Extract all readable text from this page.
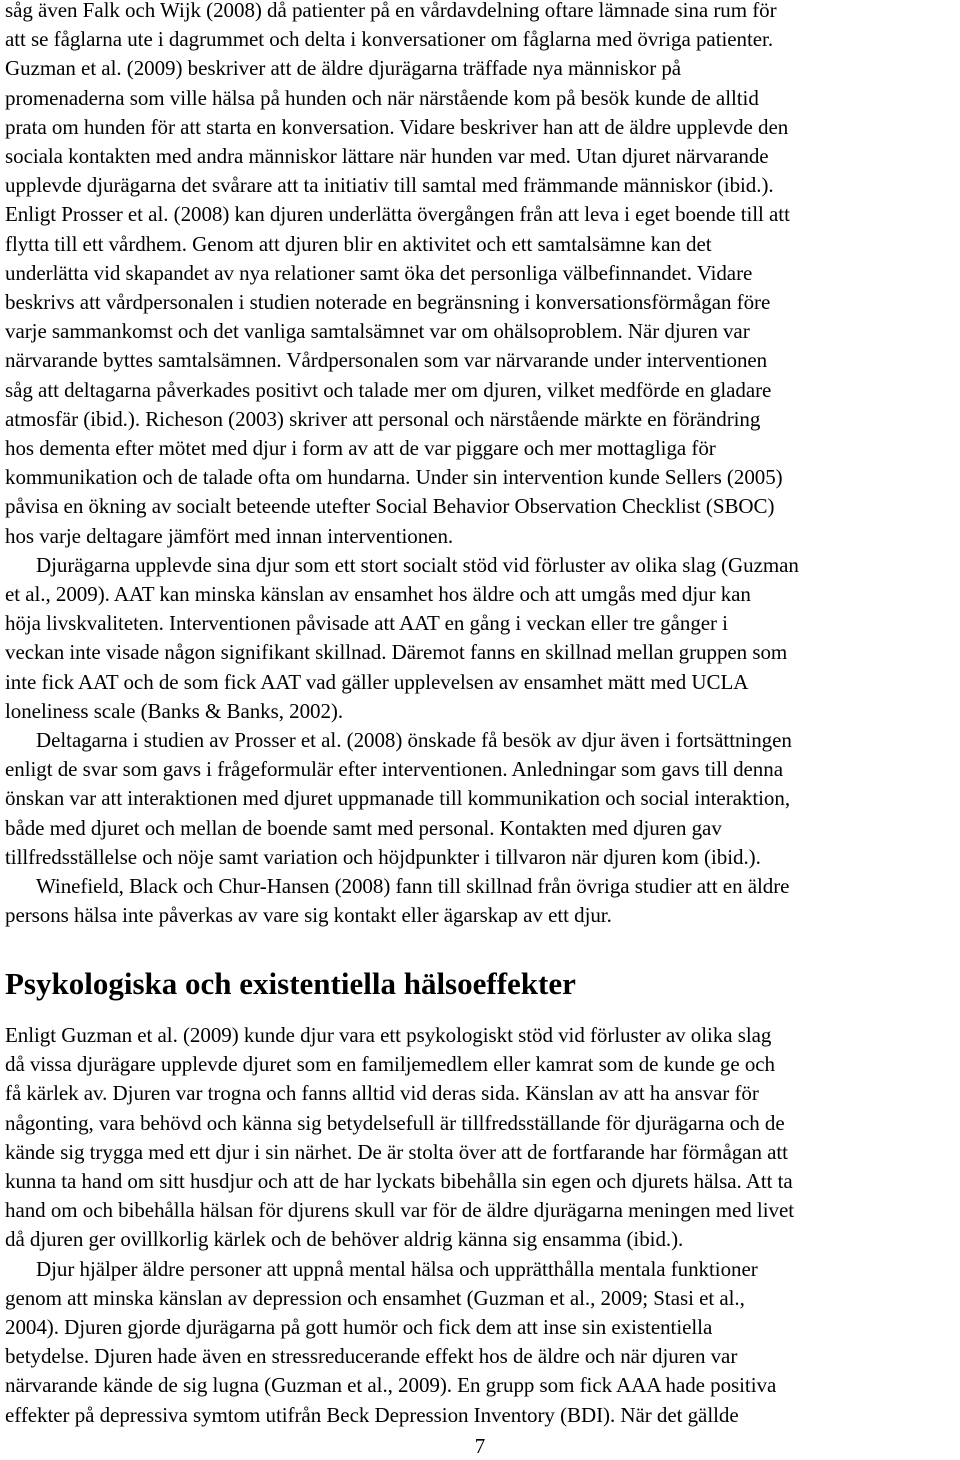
såg även Falk och Wijk (2008) då patienter på en vårdavdelning oftare lämnade sina rum för
att se fåglarna ute i dagrummet och delta i konversationer om fåglarna med övriga patienter.
Guzman et al. (2009) beskriver att de äldre djurägarna träffade nya människor på
promenaderna som ville hälsa på hunden och när närstående kom på besök kunde de alltid
prata om hunden för att starta en konversation. Vidare beskriver han att de äldre upplevde den
sociala kontakten med andra människor lättare när hunden var med. Utan djuret närvarande
upplevde djurägarna det svårare att ta initiativ till samtal med främmande människor (ibid.).
Enligt Prosser et al. (2008) kan djuren underlätta övergången från att leva i eget boende till att
flytta till ett vårdhem. Genom att djuren blir en aktivitet och ett samtalsämne kan det
underlätta vid skapandet av nya relationer samt öka det personliga välbefinnandet. Vidare
beskrivs att vårdpersonalen i studien noterade en begränsning i konversationsförmågan före
varje sammankomst och det vanliga samtalsämnet var om ohälsoproblem. När djuren var
närvarande byttes samtalsämnen. Vårdpersonalen som var närvarande under interventionen
såg att deltagarna påverkades positivt och talade mer om djuren, vilket medförde en gladare
atmosfär (ibid.). Richeson (2003) skriver att personal och närstående märkte en förändring
hos dementa efter mötet med djur i form av att de var piggare och mer mottagliga för
kommunikation och de talade ofta om hundarna. Under sin intervention kunde Sellers (2005)
påvisa en ökning av socialt beteende utefter Social Behavior Observation Checklist (SBOC)
hos varje deltagare jämfört med innan interventionen.
Djurägarna upplevde sina djur som ett stort socialt stöd vid förluster av olika slag (Guzman
et al., 2009). AAT kan minska känslan av ensamhet hos äldre och att umgås med djur kan
höja livskvaliteten. Interventionen påvisade att AAT en gång i veckan eller tre gånger i
veckan inte visade någon signifikant skillnad. Däremot fanns en skillnad mellan gruppen som
inte fick AAT och de som fick AAT vad gäller upplevelsen av ensamhet mätt med UCLA
loneliness scale (Banks & Banks, 2002).
Deltagarna i studien av Prosser et al. (2008) önskade få besök av djur även i fortsättningen
enligt de svar som gavs i frågeformulär efter interventionen. Anledningar som gavs till denna
önskan var att interaktionen med djuret uppmanade till kommunikation och social interaktion,
både med djuret och mellan de boende samt med personal. Kontakten med djuren gav
tillfredsställelse och nöje samt variation och höjdpunkter i tillvaron när djuren kom (ibid.).
Winefield, Black och Chur-Hansen (2008) fann till skillnad från övriga studier att en äldre
persons hälsa inte påverkas av vare sig kontakt eller ägarskap av ett djur.
Psykologiska och existentiella hälsoeffekter
Enligt Guzman et al. (2009) kunde djur vara ett psykologiskt stöd vid förluster av olika slag
då vissa djurägare upplevde djuret som en familjemedlem eller kamrat som de kunde ge och
få kärlek av. Djuren var trogna och fanns alltid vid deras sida. Känslan av att ha ansvar för
någonting, vara behövd och känna sig betydelsefull är tillfredsställande för djurägarna och de
kände sig trygga med ett djur i sin närhet. De är stolta över att de fortfarande har förmågan att
kunna ta hand om sitt husdjur och att de har lyckats bibehålla sin egen och djurets hälsa. Att ta
hand om och bibehålla hälsan för djurens skull var för de äldre djurägarna meningen med livet
då djuren ger ovillkorlig kärlek och de behöver aldrig känna sig ensamma (ibid.).
Djur hjälper äldre personer att uppnå mental hälsa och upprätthålla mentala funktioner
genom att minska känslan av depression och ensamhet (Guzman et al., 2009; Stasi et al.,
2004). Djuren gjorde djurägarna på gott humör och fick dem att inse sin existentiella
betydelse. Djuren hade även en stressreducerande effekt hos de äldre och när djuren var
närvarande kände de sig lugna (Guzman et al., 2009). En grupp som fick AAA hade positiva
effekter på depressiva symtom utifrån Beck Depression Inventory (BDI). När det gällde
7
